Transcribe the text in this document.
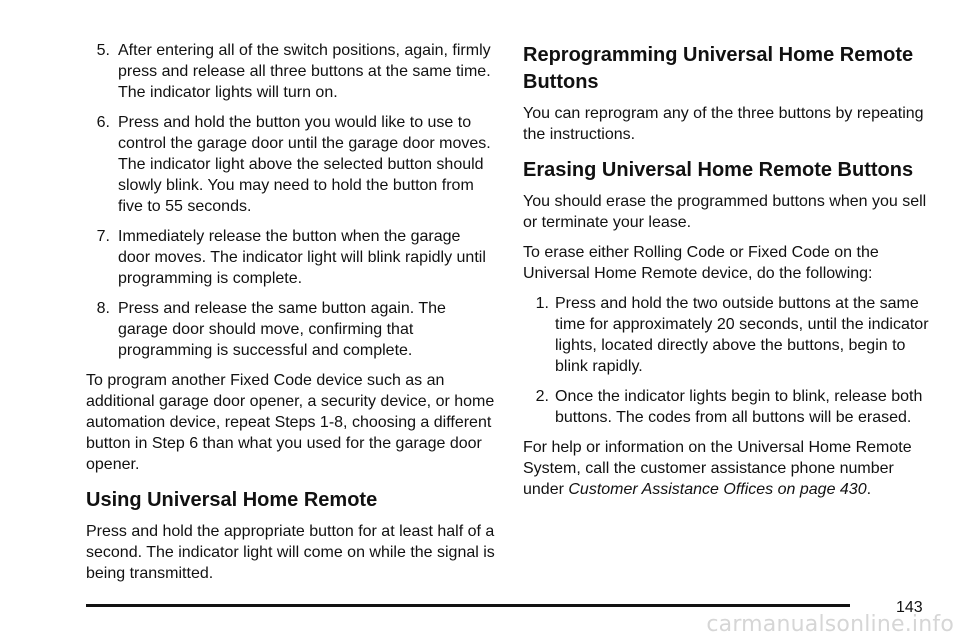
5. After entering all of the switch positions, again, firmly press and release all three buttons at the same time. The indicator lights will turn on.
6. Press and hold the button you would like to use to control the garage door until the garage door moves. The indicator light above the selected button should slowly blink. You may need to hold the button from five to 55 seconds.
7. Immediately release the button when the garage door moves. The indicator light will blink rapidly until programming is complete.
8. Press and release the same button again. The garage door should move, confirming that programming is successful and complete.

To program another Fixed Code device such as an additional garage door opener, a security device, or home automation device, repeat Steps 1-8, choosing a different button in Step 6 than what you used for the garage door opener.

Using Universal Home Remote

Press and hold the appropriate button for at least half of a second. The indicator light will come on while the signal is being transmitted.

Reprogramming Universal Home Remote Buttons

You can reprogram any of the three buttons by repeating the instructions.

Erasing Universal Home Remote Buttons

You should erase the programmed buttons when you sell or terminate your lease.

To erase either Rolling Code or Fixed Code on the Universal Home Remote device, do the following:

1. Press and hold the two outside buttons at the same time for approximately 20 seconds, until the indicator lights, located directly above the buttons, begin to blink rapidly.
2. Once the indicator lights begin to blink, release both buttons. The codes from all buttons will be erased.

For help or information on the Universal Home Remote System, call the customer assistance phone number under Customer Assistance Offices on page 430.

143
carmanualsonline.info
